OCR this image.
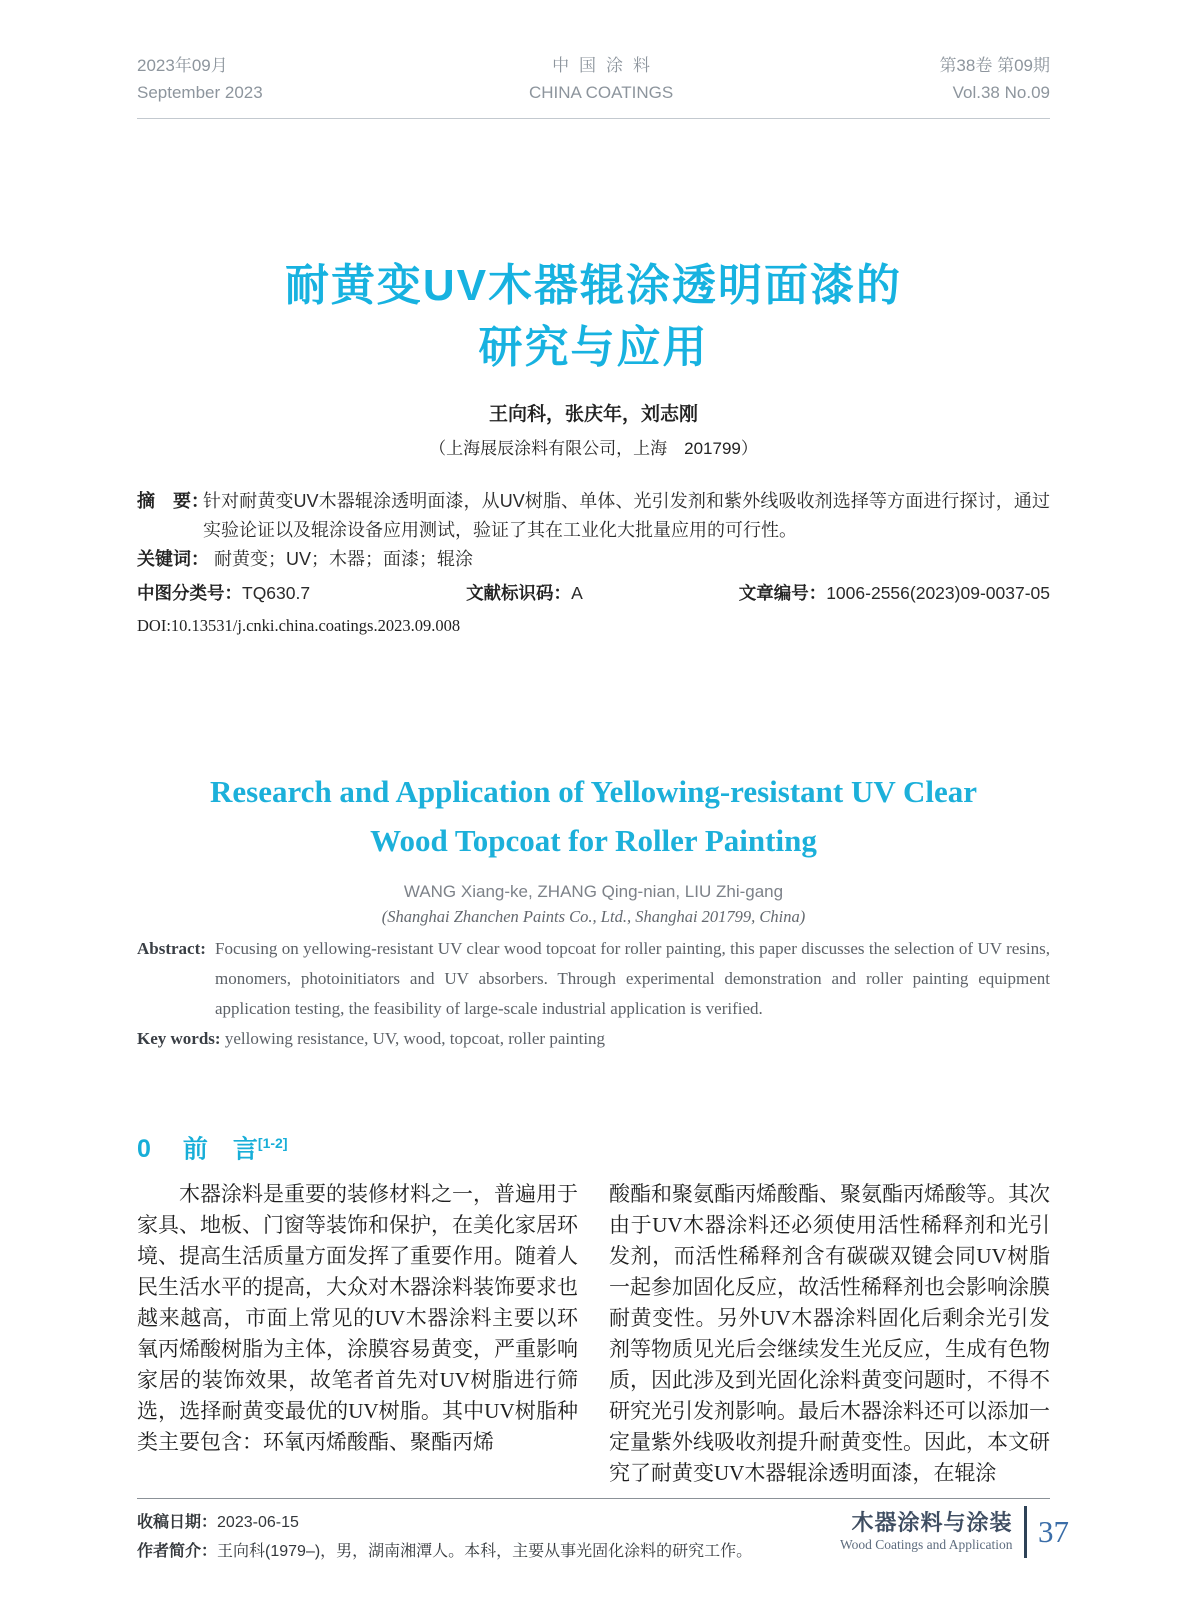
2023年09月
September 2023
中国涂料
CHINA COATINGS
第38卷 第09期
Vol.38 No.09
耐黄变UV木器辊涂透明面漆的
研究与应用
王向科，张庆年，刘志刚
（上海展辰涂料有限公司，上海　201799）

摘　要：
针对耐黄变UV木器辊涂透明面漆，从UV树脂、单体、光引发剂和紫外线吸收剂选择等方面进行探讨，通过实验论证以及辊涂设备应用测试，验证了其在工业化大批量应用的可行性。

关键词： 耐黄变；UV；木器；面漆；辊涂

中图分类号：TQ630.7	文献标识码：A	文章编号：1006-2556(2023)09-0037-05
DOI:10.13531/j.cnki.china.coatings.2023.09.008
Research and Application of Yellowing-resistant UV Clear
Wood Topcoat for Roller Painting
WANG Xiang-ke, ZHANG Qing-nian, LIU Zhi-gang
(Shanghai Zhanchen Paints Co., Ltd., Shanghai 201799, China)

Abstract: Focusing on yellowing-resistant UV clear wood topcoat for roller painting, this paper discusses the selection of UV resins, monomers, photoinitiators and UV absorbers. Through experimental demonstration and roller painting equipment application testing, the feasibility of large-scale industrial application is verified.

Key words: yellowing resistance, UV, wood, topcoat, roller painting

0 前　言[1-2]
木器涂料是重要的装修材料之一，普遍用于家具、地板、门窗等装饰和保护，在美化家居环境、提高生活质量方面发挥了重要作用。随着人民生活水平的提高，大众对木器涂料装饰要求也越来越高，市面上常见的UV木器涂料主要以环氧丙烯酸树脂为主体，涂膜容易黄变，严重影响家居的装饰效果，故笔者首先对UV树脂进行筛选，选择耐黄变最优的UV树脂。其中UV树脂种类主要包含：环氧丙烯酸酯、聚酯丙烯
酸酯和聚氨酯丙烯酸酯、聚氨酯丙烯酸等。其次由于UV木器涂料还必须使用活性稀释剂和光引发剂，而活性稀释剂含有碳碳双键会同UV树脂一起参加固化反应，故活性稀释剂也会影响涂膜耐黄变性。另外UV木器涂料固化后剩余光引发剂等物质见光后会继续发生光反应，生成有色物质，因此涉及到光固化涂料黄变问题时，不得不研究光引发剂影响。最后木器涂料还可以添加一定量紫外线吸收剂提升耐黄变性。因此，本文研究了耐黄变UV木器辊涂透明面漆，在辊涂
收稿日期：2023-06-15
作者简介：王向科(1979–)，男，湖南湘潭人。本科，主要从事光固化涂料的研究工作。
木器涂料与涂装
Wood Coatings and Application 37
